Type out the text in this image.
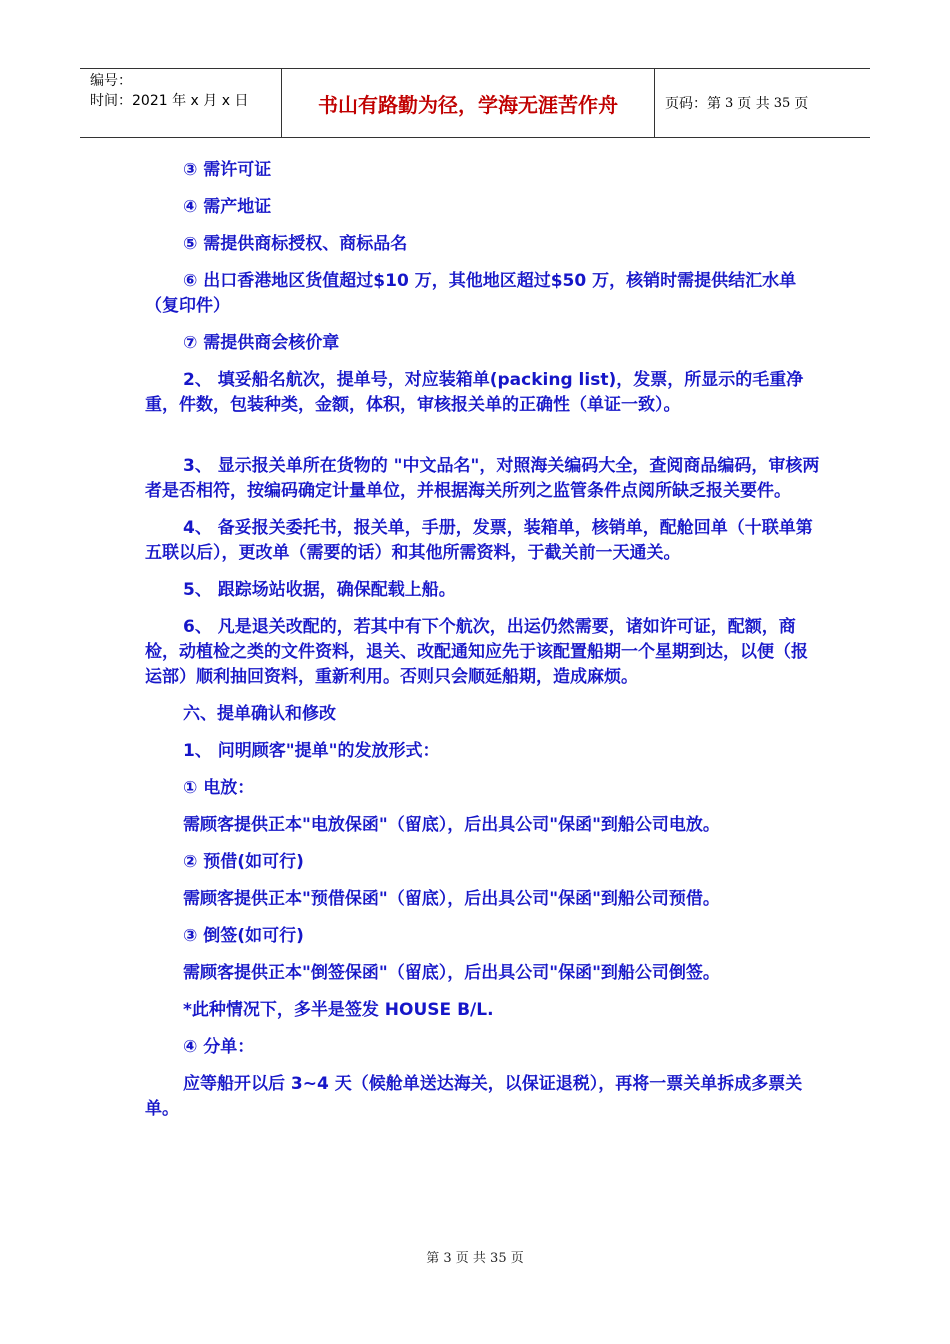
编号：
时间：2021 年 x 月 x 日	书山有路勤为径，学海无涯苦作舟	页码：第 3 页 共 35 页

③ 需许可证

④ 需产地证

⑤ 需提供商标授权、商标品名

⑥ 出口香港地区货值超过$10 万，其他地区超过$50 万，核销时需提供结汇水单（复印件）

⑦ 需提供商会核价章

2、 填妥船名航次，提单号，对应装箱单(packing list)，发票，所显示的毛重净重，件数，包装种类，金额，体积，审核报关单的正确性（单证一致）。

3、 显示报关单所在货物的 "中文品名"，对照海关编码大全，查阅商品编码，审核两者是否相符，按编码确定计量单位，并根据海关所列之监管条件点阅所缺乏报关要件。

4、 备妥报关委托书，报关单，手册，发票，装箱单，核销单，配舱回单（十联单第五联以后），更改单（需要的话）和其他所需资料，于截关前一天通关。

5、 跟踪场站收据，确保配载上船。

6、 凡是退关改配的，若其中有下个航次，出运仍然需要，诸如许可证，配额，商检，动植检之类的文件资料，退关、改配通知应先于该配置船期一个星期到达，以便（报运部）顺利抽回资料，重新利用。否则只会顺延船期，造成麻烦。

六、提单确认和修改

1、 问明顾客"提单"的发放形式：

① 电放：

需顾客提供正本"电放保函"（留底），后出具公司"保函"到船公司电放。

② 预借(如可行)

需顾客提供正本"预借保函"（留底），后出具公司"保函"到船公司预借。

③ 倒签(如可行)

需顾客提供正本"倒签保函"（留底），后出具公司"保函"到船公司倒签。

*此种情况下，多半是签发 HOUSE B/L.

④ 分单：

应等船开以后 3~4 天（候舱单送达海关，以保证退税），再将一票关单拆成多票关单。

第 3 页 共 35 页
